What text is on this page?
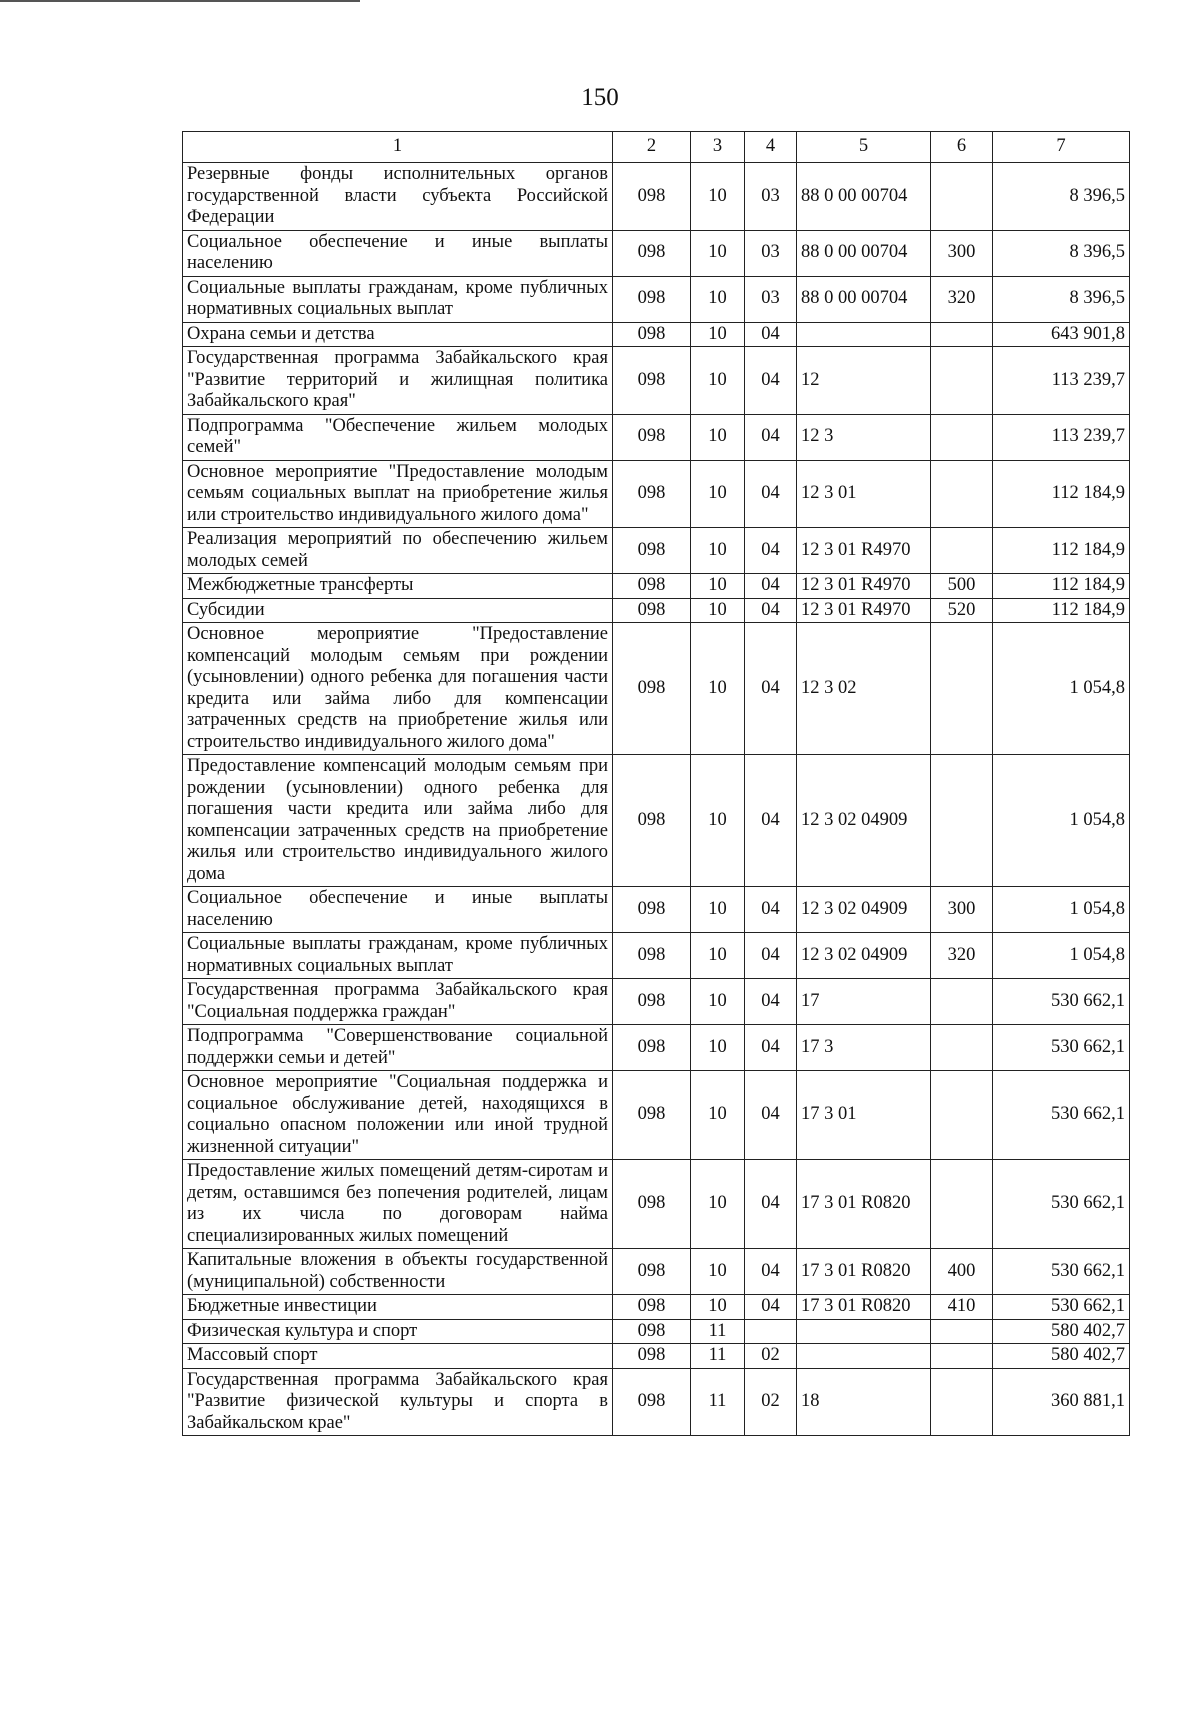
150
1	2	3	4	5	6	7
Резервные фонды исполнительных органов государственной власти субъекта Российской Федерации	098	10	03	88 0 00 00704		8 396,5
Социальное обеспечение и иные выплаты населению	098	10	03	88 0 00 00704	300	8 396,5
Социальные выплаты гражданам, кроме публичных нормативных социальных выплат	098	10	03	88 0 00 00704	320	8 396,5
Охрана семьи и детства	098	10	04			643 901,8
Государственная программа Забайкальского края "Развитие территорий и жилищная политика Забайкальского края"	098	10	04	12		113 239,7
Подпрограмма "Обеспечение жильем молодых семей"	098	10	04	12 3		113 239,7
Основное мероприятие "Предоставление молодым семьям социальных выплат на приобретение жилья или строительство индивидуального жилого дома"	098	10	04	12 3 01		112 184,9
Реализация мероприятий по обеспечению жильем молодых семей	098	10	04	12 3 01 R4970		112 184,9
Межбюджетные трансферты	098	10	04	12 3 01 R4970	500	112 184,9
Субсидии	098	10	04	12 3 01 R4970	520	112 184,9
Основное мероприятие "Предоставление компенсаций молодым семьям при рождении (усыновлении) одного ребенка для погашения части кредита или займа либо для компенсации затраченных средств на приобретение жилья или строительство индивидуального жилого дома"	098	10	04	12 3 02		1 054,8
Предоставление компенсаций молодым семьям при рождении (усыновлении) одного ребенка для погашения части кредита или займа либо для компенсации затраченных средств на приобретение жилья или строительство индивидуального жилого дома	098	10	04	12 3 02 04909		1 054,8
Социальное обеспечение и иные выплаты населению	098	10	04	12 3 02 04909	300	1 054,8
Социальные выплаты гражданам, кроме публичных нормативных социальных выплат	098	10	04	12 3 02 04909	320	1 054,8
Государственная программа Забайкальского края "Социальная поддержка граждан"	098	10	04	17		530 662,1
Подпрограмма "Совершенствование социальной поддержки семьи и детей"	098	10	04	17 3		530 662,1
Основное мероприятие "Социальная поддержка и социальное обслуживание детей, находящихся в социально опасном положении или иной трудной жизненной ситуации"	098	10	04	17 3 01		530 662,1
Предоставление жилых помещений детям-сиротам и детям, оставшимся без попечения родителей, лицам из их числа по договорам найма специализированных жилых помещений	098	10	04	17 3 01 R0820		530 662,1
Капитальные вложения в объекты государственной (муниципальной) собственности	098	10	04	17 3 01 R0820	400	530 662,1
Бюджетные инвестиции	098	10	04	17 3 01 R0820	410	530 662,1
Физическая культура и спорт	098	11				580 402,7
Массовый спорт	098	11	02			580 402,7
Государственная программа Забайкальского края "Развитие физической культуры и спорта в Забайкальском крае"	098	11	02	18		360 881,1
